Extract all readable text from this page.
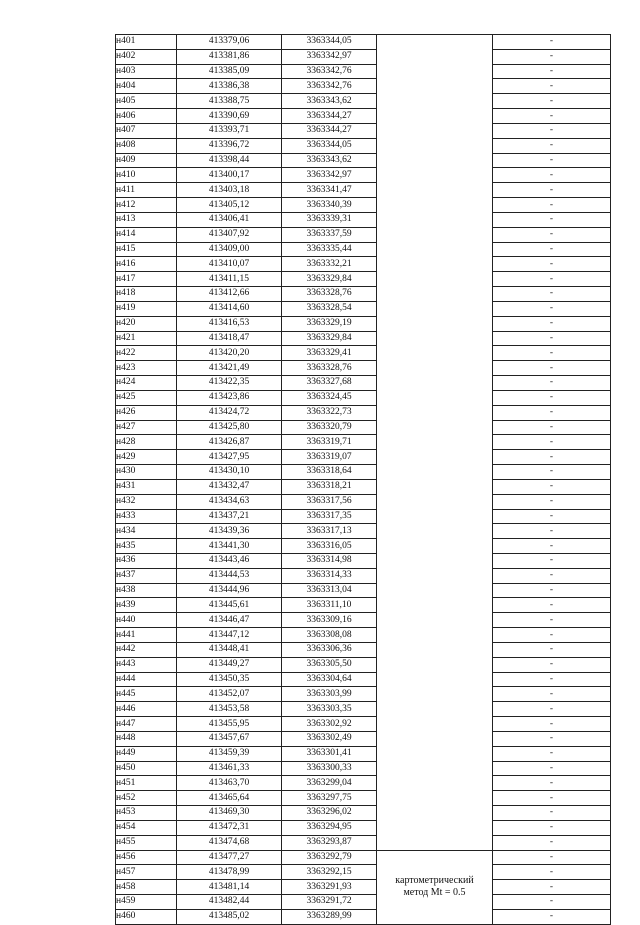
н401	413379,06	3363344,05		-
н402	413381,86	3363342,97		-
н403	413385,09	3363342,76		-
н404	413386,38	3363342,76		-
н405	413388,75	3363343,62		-
н406	413390,69	3363344,27		-
н407	413393,71	3363344,27		-
н408	413396,72	3363344,05		-
н409	413398,44	3363343,62		-
н410	413400,17	3363342,97		-
н411	413403,18	3363341,47		-
н412	413405,12	3363340,39		-
н413	413406,41	3363339,31		-
н414	413407,92	3363337,59		-
н415	413409,00	3363335,44		-
н416	413410,07	3363332,21		-
н417	413411,15	3363329,84		-
н418	413412,66	3363328,76		-
н419	413414,60	3363328,54		-
н420	413416,53	3363329,19		-
н421	413418,47	3363329,84		-
н422	413420,20	3363329,41		-
н423	413421,49	3363328,76		-
н424	413422,35	3363327,68		-
н425	413423,86	3363324,45		-
н426	413424,72	3363322,73		-
н427	413425,80	3363320,79		-
н428	413426,87	3363319,71		-
н429	413427,95	3363319,07		-
н430	413430,10	3363318,64		-
н431	413432,47	3363318,21		-
н432	413434,63	3363317,56		-
н433	413437,21	3363317,35		-
н434	413439,36	3363317,13		-
н435	413441,30	3363316,05		-
н436	413443,46	3363314,98		-
н437	413444,53	3363314,33		-
н438	413444,96	3363313,04		-
н439	413445,61	3363311,10		-
н440	413446,47	3363309,16		-
н441	413447,12	3363308,08		-
н442	413448,41	3363306,36		-
н443	413449,27	3363305,50		-
н444	413450,35	3363304,64		-
н445	413452,07	3363303,99		-
н446	413453,58	3363303,35		-
н447	413455,95	3363302,92		-
н448	413457,67	3363302,49		-
н449	413459,39	3363301,41		-
н450	413461,33	3363300,33		-
н451	413463,70	3363299,04		-
н452	413465,64	3363297,75		-
н453	413469,30	3363296,02		-
н454	413472,31	3363294,95		-
н455	413474,68	3363293,87		-
н456	413477,27	3363292,79	картометрический
метод Mt = 0.5	-
н457	413478,99	3363292,15		-
н458	413481,14	3363291,93		-
н459	413482,44	3363291,72		-
н460	413485,02	3363289,99		-
